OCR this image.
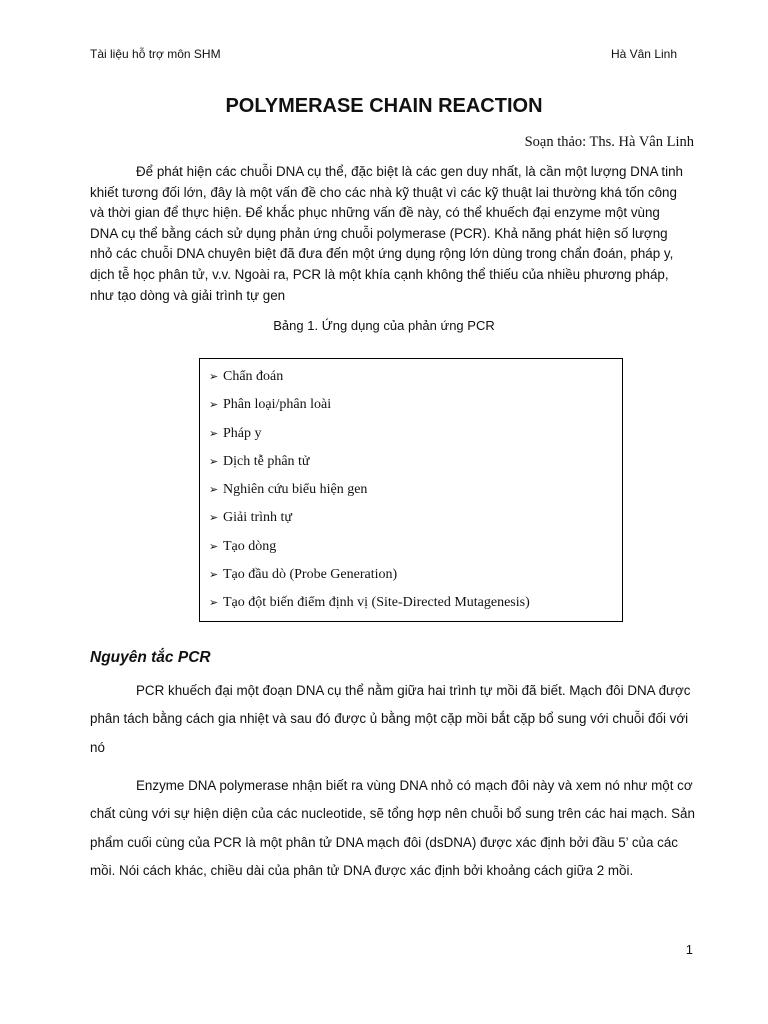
Tài liệu hỗ trợ môn SHM	Hà Vân Linh
POLYMERASE CHAIN REACTION
Soạn thảo: Ths. Hà Vân Linh

Để phát hiện các chuỗi DNA cụ thể, đặc biệt là các gen duy nhất, là cần một lượng DNA tinh khiết tương đối lớn, đây là một vấn đề cho các nhà kỹ thuật vì các kỹ thuật lai thường khá tốn công và thời gian để thực hiện. Để khắc phục những vấn đề này, có thể khuếch đại enzyme một vùng DNA cụ thể bằng cách sử dụng phản ứng chuỗi polymerase (PCR). Khả năng phát hiện số lượng nhỏ các chuỗi DNA chuyên biệt đã đưa đến một ứng dụng rộng lớn dùng trong chẩn đoán, pháp y, dịch tễ học phân tử, v.v. Ngoài ra, PCR là một khía cạnh không thể thiếu của nhiều phương pháp, như tạo dòng và giải trình tự gen

Bảng 1. Ứng dụng của phản ứng PCR
➢ Chẩn đoán
➢ Phân loại/phân loài
➢ Pháp y
➢ Dịch tễ phân tử
➢ Nghiên cứu biểu hiện gen
➢ Giải trình tự
➢ Tạo dòng
➢ Tạo đầu dò (Probe Generation)
➢ Tạo đột biến điểm định vị (Site-Directed Mutagenesis)
Nguyên tắc PCR

PCR khuếch đại một đoạn DNA cụ thể nằm giữa hai trình tự mồi đã biết. Mạch đôi DNA được phân tách bằng cách gia nhiệt và sau đó được ủ bằng một cặp mồi bắt cặp bổ sung với chuỗi đối với nó

Enzyme DNA polymerase nhận biết ra vùng DNA nhỏ có mạch đôi này và xem nó như một cơ chất cùng với sự hiện diện của các nucleotide, sẽ tổng hợp nên chuỗi bổ sung trên các hai mạch. Sản phẩm cuối cùng của PCR là một phân tử DNA mạch đôi (dsDNA) được xác định bởi đầu 5’ của các mồi. Nói cách khác, chiều dài của phân tử DNA được xác định bởi khoảng cách giữa 2 mồi.

1
